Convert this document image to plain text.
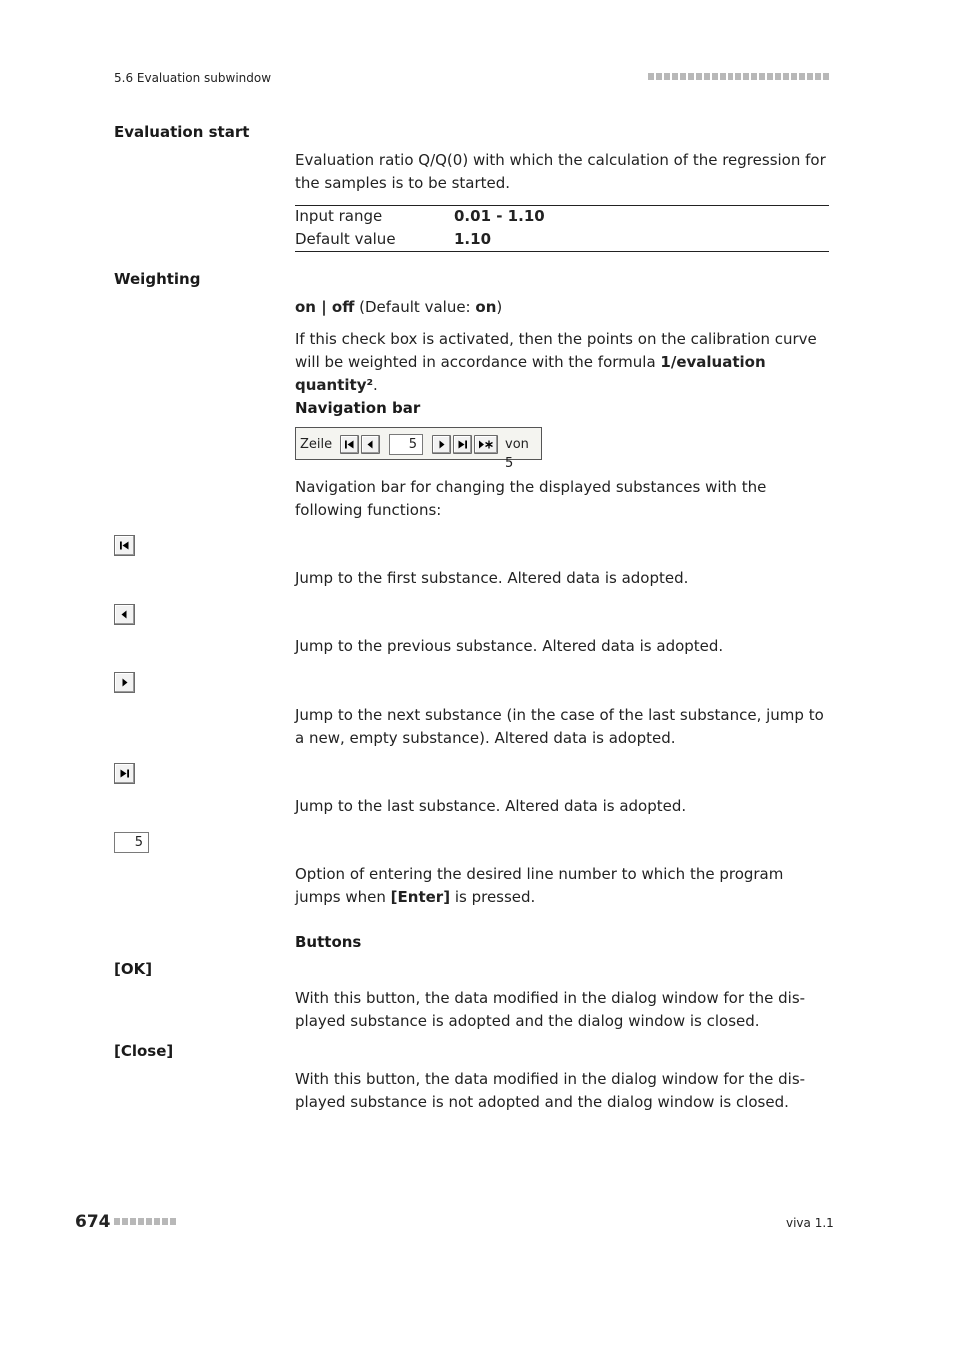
5.6 Evaluation subwindow
Evaluation start
Evaluation ratio Q/Q(0) with which the calculation of the regression for the samples is to be started.
Input range	0.01 - 1.10
Default value	1.10
Weighting
on | off (Default value: on)
If this check box is activated, then the points on the calibration curve will be weighted in accordance with the formula 1/evaluation quantity².
Navigation bar
Zeile	5	von 5
Navigation bar for changing the displayed substances with the following functions:
Jump to the first substance. Altered data is adopted.
Jump to the previous substance. Altered data is adopted.
Jump to the next substance (in the case of the last substance, jump to a new, empty substance). Altered data is adopted.
Jump to the last substance. Altered data is adopted.
5
Option of entering the desired line number to which the program jumps when [Enter] is pressed.
Buttons
[OK]
With this button, the data modified in the dialog window for the dis-played substance is adopted and the dialog window is closed.
[Close]
With this button, the data modified in the dialog window for the dis-played substance is not adopted and the dialog window is closed.
674	viva 1.1
